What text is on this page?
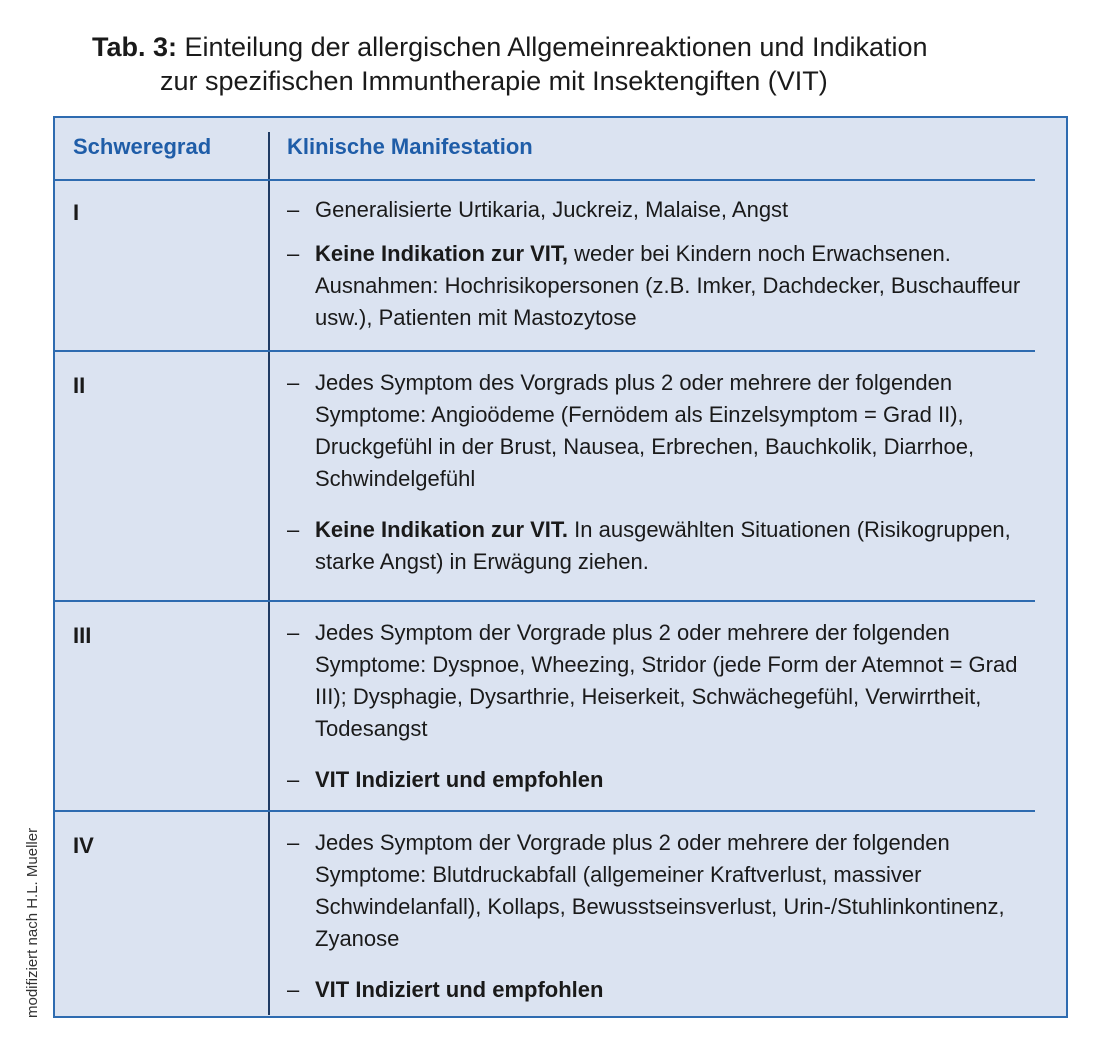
Tab. 3: Einteilung der allergischen Allgemeinreaktionen und Indikation
zur spezifischen Immuntherapie mit Insektengiften (VIT)
Schweregrad	Klinische Manifestation
I	– Generalisierte Urtikaria, Juckreiz, Malaise, Angst
– Keine Indikation zur VIT, weder bei Kindern noch Erwachsenen. Ausnahmen: Hochrisikopersonen (z.B. Imker, Dachdecker, Buschauffeur usw.), Patienten mit Mastozytose
II	– Jedes Symptom des Vorgrads plus 2 oder mehrere der folgenden Symptome: Angioödeme (Fernödem als Einzelsymptom = Grad II), Druckgefühl in der Brust, Nausea, Erbrechen, Bauchkolik, Diarrhoe, Schwindelgefühl
– Keine Indikation zur VIT. In ausgewählten Situationen (Risikogruppen, starke Angst) in Erwägung ziehen.
III	– Jedes Symptom der Vorgrade plus 2 oder mehrere der folgenden Symptome: Dyspnoe, Wheezing, Stridor (jede Form der Atemnot = Grad III); Dysphagie, Dysarthrie, Heiserkeit, Schwächegefühl, Verwirrtheit, Todesangst
– VIT Indiziert und empfohlen
IV	– Jedes Symptom der Vorgrade plus 2 oder mehrere der folgenden Symptome: Blutdruckabfall (allgemeiner Kraftverlust, massiver Schwindelanfall), Kollaps, Bewusstseinsverlust, Urin-/Stuhlinkontinenz, Zyanose
– VIT Indiziert und empfohlen
modifiziert nach H.L. Mueller
